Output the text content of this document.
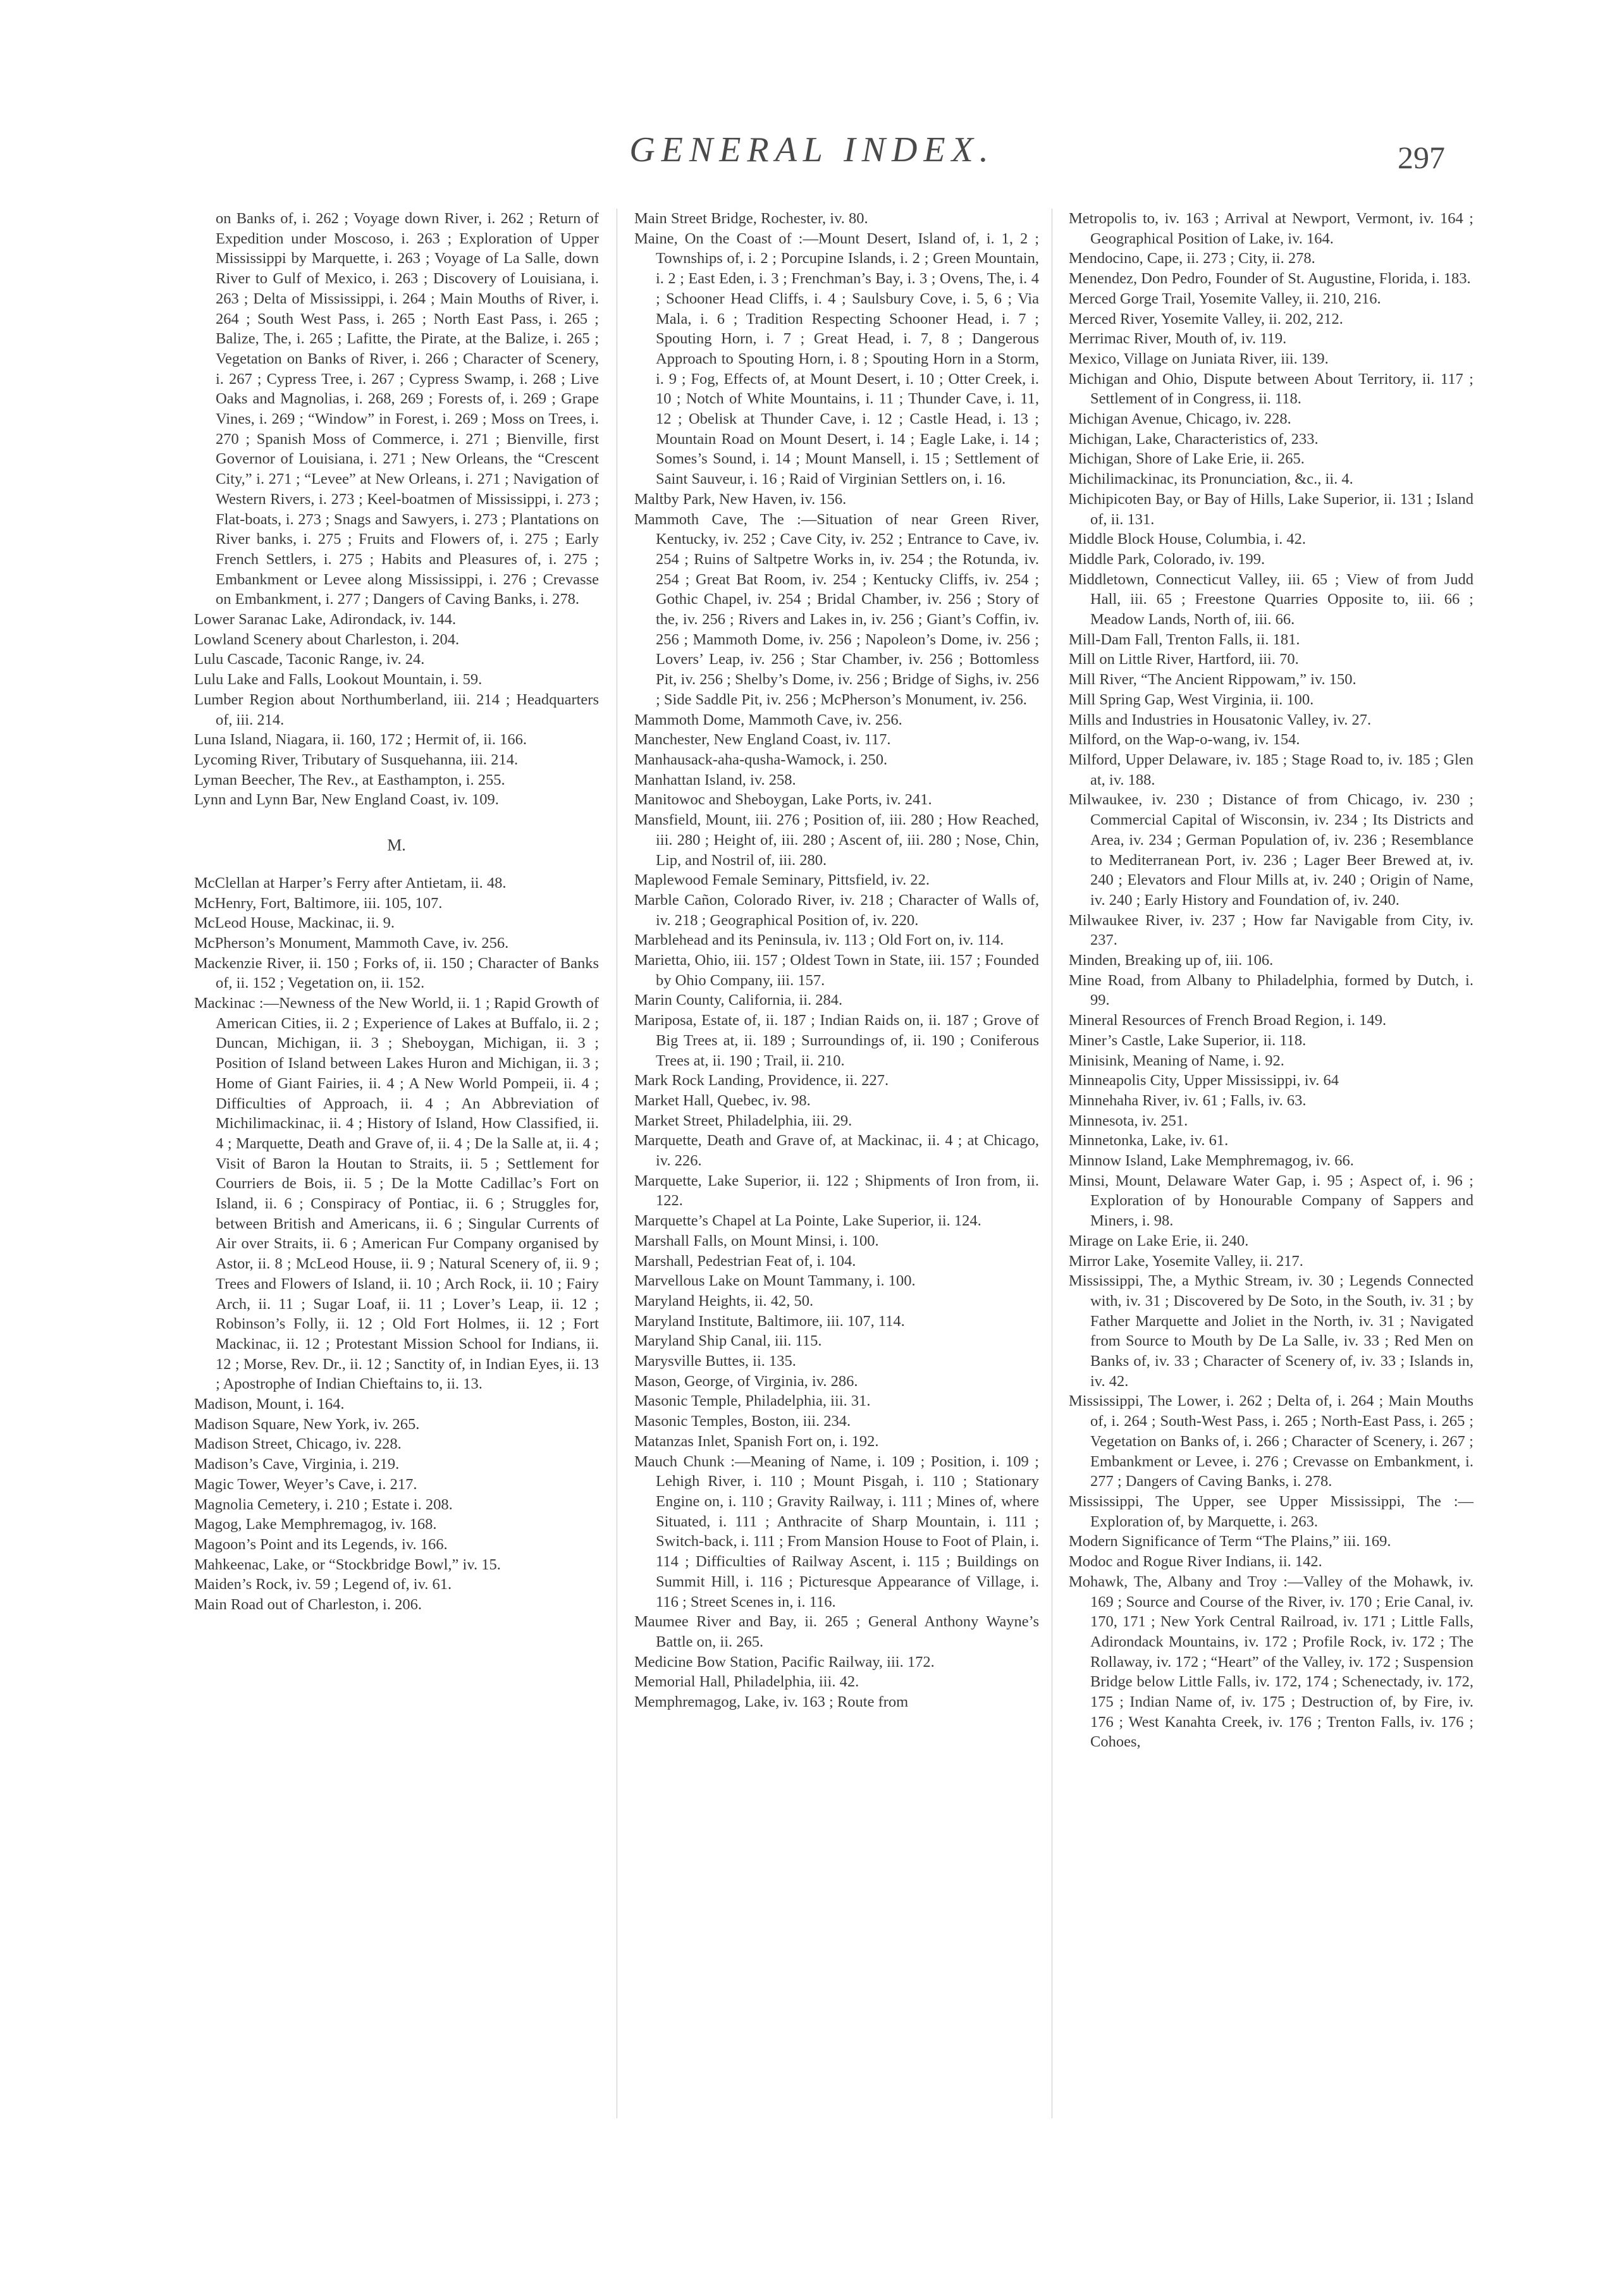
GENERAL INDEX.	297

on Banks of, i. 262 ; Voyage down River, i. 262 ; Return of Expedition under Moscoso, i. 263 ; Exploration of Upper Mississippi by Marquette, i. 263 ; Voyage of La Salle, down River to Gulf of Mexico, i. 263 ; Discovery of Louisiana, i. 263 ; Delta of Mississippi, i. 264 ; Main Mouths of River, i. 264 ; South West Pass, i. 265 ; North East Pass, i. 265 ; Balize, The, i. 265 ; Lafitte, the Pirate, at the Balize, i. 265 ; Vegetation on Banks of River, i. 266 ; Character of Scenery, i. 267 ; Cypress Tree, i. 267 ; Cypress Swamp, i. 268 ; Live Oaks and Magnolias, i. 268, 269 ; Forests of, i. 269 ; Grape Vines, i. 269 ; “Window” in Forest, i. 269 ; Moss on Trees, i. 270 ; Spanish Moss of Commerce, i. 271 ; Bienville, first Governor of Louisiana, i. 271 ; New Orleans, the “Crescent City,” i. 271 ; “Levee” at New Orleans, i. 271 ; Navigation of Western Rivers, i. 273 ; Keel-boatmen of Mississippi, i. 273 ; Flat-boats, i. 273 ; Snags and Sawyers, i. 273 ; Plantations on River banks, i. 275 ; Fruits and Flowers of, i. 275 ; Early French Settlers, i. 275 ; Habits and Pleasures of, i. 275 ; Embankment or Levee along Mississippi, i. 276 ; Crevasse on Embankment, i. 277 ; Dangers of Caving Banks, i. 278.

Lower Saranac Lake, Adirondack, iv. 144.

Lowland Scenery about Charleston, i. 204.

Lulu Cascade, Taconic Range, iv. 24.

Lulu Lake and Falls, Lookout Mountain, i. 59.

Lumber Region about Northumberland, iii. 214 ; Headquarters of, iii. 214.

Luna Island, Niagara, ii. 160, 172 ; Hermit of, ii. 166.

Lycoming River, Tributary of Susquehanna, iii. 214.

Lyman Beecher, The Rev., at Easthampton, i. 255.

Lynn and Lynn Bar, New England Coast, iv. 109.

M.

McClellan at Harper’s Ferry after Antietam, ii. 48.

McHenry, Fort, Baltimore, iii. 105, 107.

McLeod House, Mackinac, ii. 9.

McPherson’s Monument, Mammoth Cave, iv. 256.

Mackenzie River, ii. 150 ; Forks of, ii. 150 ; Character of Banks of, ii. 152 ; Vegetation on, ii. 152.

Mackinac :—Newness of the New World, ii. 1 ; Rapid Growth of American Cities, ii. 2 ; Experience of Lakes at Buffalo, ii. 2 ; Duncan, Michigan, ii. 3 ; Sheboygan, Michigan, ii. 3 ; Position of Island between Lakes Huron and Michigan, ii. 3 ; Home of Giant Fairies, ii. 4 ; A New World Pompeii, ii. 4 ; Difficulties of Approach, ii. 4 ; An Abbreviation of Michilimackinac, ii. 4 ; History of Island, How Classified, ii. 4 ; Marquette, Death and Grave of, ii. 4 ; De la Salle at, ii. 4 ; Visit of Baron la Houtan to Straits, ii. 5 ; Settlement for Courriers de Bois, ii. 5 ; De la Motte Cadillac’s Fort on Island, ii. 6 ; Conspiracy of Pontiac, ii. 6 ; Struggles for, between British and Americans, ii. 6 ; Singular Currents of Air over Straits, ii. 6 ; American Fur Company organised by Astor, ii. 8 ; McLeod House, ii. 9 ; Natural Scenery of, ii. 9 ; Trees and Flowers of Island, ii. 10 ; Arch Rock, ii. 10 ; Fairy Arch, ii. 11 ; Sugar Loaf, ii. 11 ; Lover’s Leap, ii. 12 ; Robinson’s Folly, ii. 12 ; Old Fort Holmes, ii. 12 ; Fort Mackinac, ii. 12 ; Protestant Mission School for Indians, ii. 12 ; Morse, Rev. Dr., ii. 12 ; Sanctity of, in Indian Eyes, ii. 13 ; Apostrophe of Indian Chieftains to, ii. 13.

Madison, Mount, i. 164.

Madison Square, New York, iv. 265.

Madison Street, Chicago, iv. 228.

Madison’s Cave, Virginia, i. 219.

Magic Tower, Weyer’s Cave, i. 217.

Magnolia Cemetery, i. 210 ; Estate i. 208.

Magog, Lake Memphremagog, iv. 168.

Magoon’s Point and its Legends, iv. 166.

Mahkeenac, Lake, or “Stockbridge Bowl,” iv. 15.

Maiden’s Rock, iv. 59 ; Legend of, iv. 61.

Main Road out of Charleston, i. 206.

Main Street Bridge, Rochester, iv. 80.

Maine, On the Coast of :—Mount Desert, Island of, i. 1, 2 ; Townships of, i. 2 ; Porcupine Islands, i. 2 ; Green Mountain, i. 2 ; East Eden, i. 3 ; Frenchman’s Bay, i. 3 ; Ovens, The, i. 4 ; Schooner Head Cliffs, i. 4 ; Saulsbury Cove, i. 5, 6 ; Via Mala, i. 6 ; Tradition Respecting Schooner Head, i. 7 ; Spouting Horn, i. 7 ; Great Head, i. 7, 8 ; Dangerous Approach to Spouting Horn, i. 8 ; Spouting Horn in a Storm, i. 9 ; Fog, Effects of, at Mount Desert, i. 10 ; Otter Creek, i. 10 ; Notch of White Mountains, i. 11 ; Thunder Cave, i. 11, 12 ; Obelisk at Thunder Cave, i. 12 ; Castle Head, i. 13 ; Mountain Road on Mount Desert, i. 14 ; Eagle Lake, i. 14 ; Somes’s Sound, i. 14 ; Mount Mansell, i. 15 ; Settlement of Saint Sauveur, i. 16 ; Raid of Virginian Settlers on, i. 16.

Maltby Park, New Haven, iv. 156.

Mammoth Cave, The :—Situation of near Green River, Kentucky, iv. 252 ; Cave City, iv. 252 ; Entrance to Cave, iv. 254 ; Ruins of Saltpetre Works in, iv. 254 ; the Rotunda, iv. 254 ; Great Bat Room, iv. 254 ; Kentucky Cliffs, iv. 254 ; Gothic Chapel, iv. 254 ; Bridal Chamber, iv. 256 ; Story of the, iv. 256 ; Rivers and Lakes in, iv. 256 ; Giant’s Coffin, iv. 256 ; Mammoth Dome, iv. 256 ; Napoleon’s Dome, iv. 256 ; Lovers’ Leap, iv. 256 ; Star Chamber, iv. 256 ; Bottomless Pit, iv. 256 ; Shelby’s Dome, iv. 256 ; Bridge of Sighs, iv. 256 ; Side Saddle Pit, iv. 256 ; McPherson’s Monument, iv. 256.

Mammoth Dome, Mammoth Cave, iv. 256.

Manchester, New England Coast, iv. 117.

Manhausack-aha-qusha-Wamock, i. 250.

Manhattan Island, iv. 258.

Manitowoc and Sheboygan, Lake Ports, iv. 241.

Mansfield, Mount, iii. 276 ; Position of, iii. 280 ; How Reached, iii. 280 ; Height of, iii. 280 ; Ascent of, iii. 280 ; Nose, Chin, Lip, and Nostril of, iii. 280.

Maplewood Female Seminary, Pittsfield, iv. 22.

Marble Cañon, Colorado River, iv. 218 ; Character of Walls of, iv. 218 ; Geographical Position of, iv. 220.

Marblehead and its Peninsula, iv. 113 ; Old Fort on, iv. 114.

Marietta, Ohio, iii. 157 ; Oldest Town in State, iii. 157 ; Founded by Ohio Company, iii. 157.

Marin County, California, ii. 284.

Mariposa, Estate of, ii. 187 ; Indian Raids on, ii. 187 ; Grove of Big Trees at, ii. 189 ; Surroundings of, ii. 190 ; Coniferous Trees at, ii. 190 ; Trail, ii. 210.

Mark Rock Landing, Providence, ii. 227.

Market Hall, Quebec, iv. 98.

Market Street, Philadelphia, iii. 29.

Marquette, Death and Grave of, at Mackinac, ii. 4 ; at Chicago, iv. 226.

Marquette, Lake Superior, ii. 122 ; Shipments of Iron from, ii. 122.

Marquette’s Chapel at La Pointe, Lake Superior, ii. 124.

Marshall Falls, on Mount Minsi, i. 100.

Marshall, Pedestrian Feat of, i. 104.

Marvellous Lake on Mount Tammany, i. 100.

Maryland Heights, ii. 42, 50.

Maryland Institute, Baltimore, iii. 107, 114.

Maryland Ship Canal, iii. 115.

Marysville Buttes, ii. 135.

Mason, George, of Virginia, iv. 286.

Masonic Temple, Philadelphia, iii. 31.

Masonic Temples, Boston, iii. 234.

Matanzas Inlet, Spanish Fort on, i. 192.

Mauch Chunk :—Meaning of Name, i. 109 ; Position, i. 109 ; Lehigh River, i. 110 ; Mount Pisgah, i. 110 ; Stationary Engine on, i. 110 ; Gravity Railway, i. 111 ; Mines of, where Situated, i. 111 ; Anthracite of Sharp Mountain, i. 111 ; Switch-back, i. 111 ; From Mansion House to Foot of Plain, i. 114 ; Difficulties of Railway Ascent, i. 115 ; Buildings on Summit Hill, i. 116 ; Picturesque Appearance of Village, i. 116 ; Street Scenes in, i. 116.

Maumee River and Bay, ii. 265 ; General Anthony Wayne’s Battle on, ii. 265.

Medicine Bow Station, Pacific Railway, iii. 172.

Memorial Hall, Philadelphia, iii. 42.

Memphremagog, Lake, iv. 163 ; Route from

Metropolis to, iv. 163 ; Arrival at Newport, Vermont, iv. 164 ; Geographical Position of Lake, iv. 164.

Mendocino, Cape, ii. 273 ; City, ii. 278.

Menendez, Don Pedro, Founder of St. Augustine, Florida, i. 183.

Merced Gorge Trail, Yosemite Valley, ii. 210, 216.

Merced River, Yosemite Valley, ii. 202, 212.

Merrimac River, Mouth of, iv. 119.

Mexico, Village on Juniata River, iii. 139.

Michigan and Ohio, Dispute between About Territory, ii. 117 ; Settlement of in Congress, ii. 118.

Michigan Avenue, Chicago, iv. 228.

Michigan, Lake, Characteristics of, 233.

Michigan, Shore of Lake Erie, ii. 265.

Michilimackinac, its Pronunciation, &c., ii. 4.

Michipicoten Bay, or Bay of Hills, Lake Superior, ii. 131 ; Island of, ii. 131.

Middle Block House, Columbia, i. 42.

Middle Park, Colorado, iv. 199.

Middletown, Connecticut Valley, iii. 65 ; View of from Judd Hall, iii. 65 ; Freestone Quarries Opposite to, iii. 66 ; Meadow Lands, North of, iii. 66.

Mill-Dam Fall, Trenton Falls, ii. 181.

Mill on Little River, Hartford, iii. 70.

Mill River, “The Ancient Rippowam,” iv. 150.

Mill Spring Gap, West Virginia, ii. 100.

Mills and Industries in Housatonic Valley, iv. 27.

Milford, on the Wap-o-wang, iv. 154.

Milford, Upper Delaware, iv. 185 ; Stage Road to, iv. 185 ; Glen at, iv. 188.

Milwaukee, iv. 230 ; Distance of from Chicago, iv. 230 ; Commercial Capital of Wisconsin, iv. 234 ; Its Districts and Area, iv. 234 ; German Population of, iv. 236 ; Resemblance to Mediterranean Port, iv. 236 ; Lager Beer Brewed at, iv. 240 ; Elevators and Flour Mills at, iv. 240 ; Origin of Name, iv. 240 ; Early History and Foundation of, iv. 240.

Milwaukee River, iv. 237 ; How far Navigable from City, iv. 237.

Minden, Breaking up of, iii. 106.

Mine Road, from Albany to Philadelphia, formed by Dutch, i. 99.

Mineral Resources of French Broad Region, i. 149.

Miner’s Castle, Lake Superior, ii. 118.

Minisink, Meaning of Name, i. 92.

Minneapolis City, Upper Mississippi, iv. 64

Minnehaha River, iv. 61 ; Falls, iv. 63.

Minnesota, iv. 251.

Minnetonka, Lake, iv. 61.

Minnow Island, Lake Memphremagog, iv. 66.

Minsi, Mount, Delaware Water Gap, i. 95 ; Aspect of, i. 96 ; Exploration of by Honourable Company of Sappers and Miners, i. 98.

Mirage on Lake Erie, ii. 240.

Mirror Lake, Yosemite Valley, ii. 217.

Mississippi, The, a Mythic Stream, iv. 30 ; Legends Connected with, iv. 31 ; Discovered by De Soto, in the South, iv. 31 ; by Father Marquette and Joliet in the North, iv. 31 ; Navigated from Source to Mouth by De La Salle, iv. 33 ; Red Men on Banks of, iv. 33 ; Character of Scenery of, iv. 33 ; Islands in, iv. 42.

Mississippi, The Lower, i. 262 ; Delta of, i. 264 ; Main Mouths of, i. 264 ; South-West Pass, i. 265 ; North-East Pass, i. 265 ; Vegetation on Banks of, i. 266 ; Character of Scenery, i. 267 ; Embankment or Levee, i. 276 ; Crevasse on Embankment, i. 277 ; Dangers of Caving Banks, i. 278.

Mississippi, The Upper, see Upper Mississippi, The :—Exploration of, by Marquette, i. 263.

Modern Significance of Term “The Plains,” iii. 169.

Modoc and Rogue River Indians, ii. 142.

Mohawk, The, Albany and Troy :—Valley of the Mohawk, iv. 169 ; Source and Course of the River, iv. 170 ; Erie Canal, iv. 170, 171 ; New York Central Railroad, iv. 171 ; Little Falls, Adirondack Mountains, iv. 172 ; Profile Rock, iv. 172 ; The Rollaway, iv. 172 ; “Heart” of the Valley, iv. 172 ; Suspension Bridge below Little Falls, iv. 172, 174 ; Schenectady, iv. 172, 175 ; Indian Name of, iv. 175 ; Destruction of, by Fire, iv. 176 ; West Kanahta Creek, iv. 176 ; Trenton Falls, iv. 176 ; Cohoes,
